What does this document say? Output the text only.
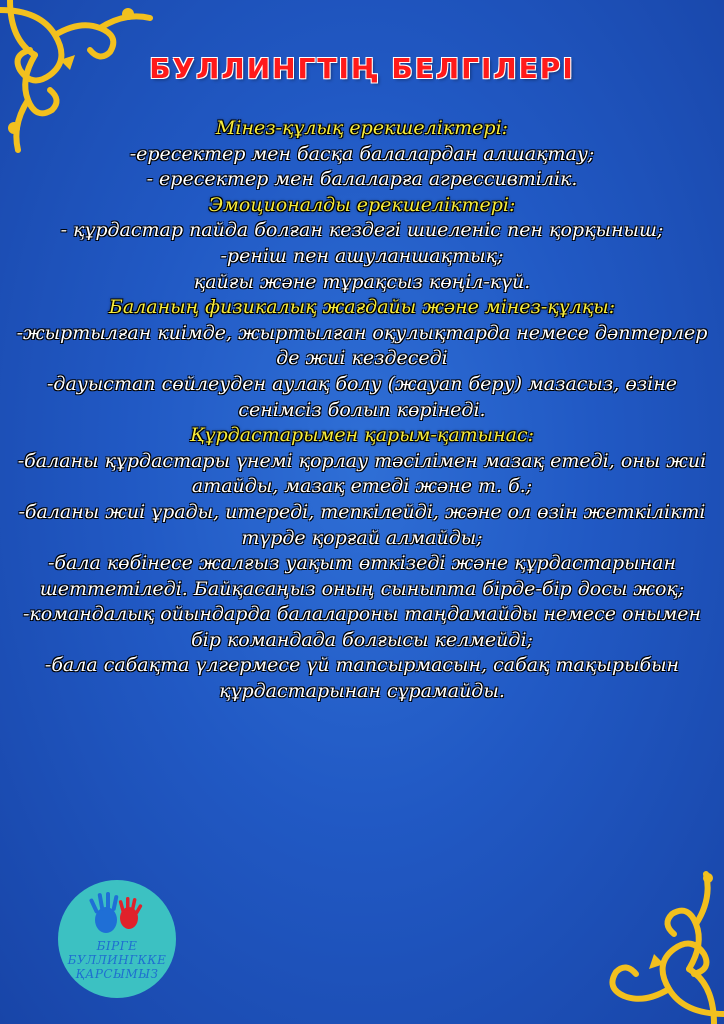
БУЛЛИНГТІҢ БЕЛГІЛЕРІ
Мінез-құлық ерекшеліктері:
-ересектер мен басқа балалардан алшақтау;
- ересектер мен балаларға агрессивтілік.
Эмоционалды ерекшеліктері:
- құрдастар пайда болған кездегі шиеленіс пен қорқыныш;
-реніш пен ашуланшақтық;
қайғы және тұрақсыз көңіл-күй.
Баланың физикалық жағдайы және мінез-құлқы:
-жыртылған киімде, жыртылған оқулықтарда немесе дәптерлер
де жиі кездеседі
-дауыстап сөйлеуден аулақ болу (жауап беру) мазасыз, өзіне
сенімсіз болып көрінеді.
Құрдастарымен қарым-қатынас:
-баланы құрдастары үнемі қорлау тәсілімен мазақ етеді, оны жиі
атайды, мазақ етеді және т. б.;
-баланы жиі ұрады, итереді, тепкілейді, және ол өзін жеткілікті
түрде қорғай алмайды;
-бала көбінесе жалғыз уақыт өткізеді және құрдастарынан
шеттетіледі. Байқасаңыз оның сыныпта бірде-бір досы жоқ;
-командалық ойындарда балалароны таңдамайды немесе онымен
бір командада болғысы келмейді;
-бала сабақта үлгермесе үй тапсырмасын, сабақ тақырыбын
құрдастарынан сұрамайды.
БІРГЕ
БУЛЛИНГККЕ
ҚАРСЫМЫЗ
